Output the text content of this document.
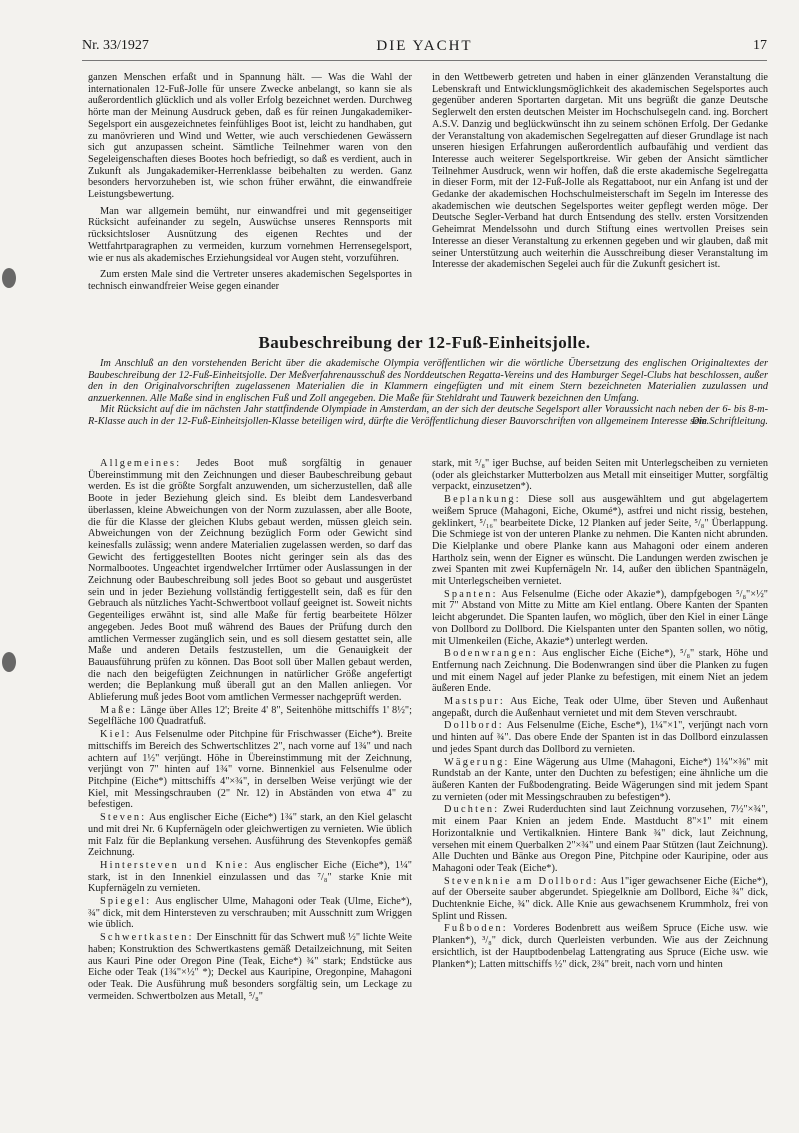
Nr. 33/1927	DIE YACHT	17

ganzen Menschen erfaßt und in Spannung hält. — Was die Wahl der internationalen 12-Fuß-Jolle für unsere Zwecke anbelangt, so kann sie als außerordentlich glücklich und als voller Erfolg bezeichnet werden. Durchweg hörte man der Meinung Ausdruck geben, daß es für reinen Jungakademiker-Segelsport ein ausgezeichnetes feinfühliges Boot ist, leicht zu handhaben, gut zu manövrieren und Wind und Wetter, wie auch verschiedenen Gewässern sich gut anzupassen scheint. Sämtliche Teilnehmer waren von den Segeleigenschaften dieses Bootes hoch befriedigt, so daß es verdient, auch in Zukunft als Jungakademiker-Herrenklasse beibehalten zu werden. Ganz besonders hervorzuheben ist, wie schon früher erwähnt, die einwandfreie Leistungsbewertung.

Man war allgemein bemüht, nur einwandfrei und mit gegenseitiger Rücksicht aufeinander zu segeln, Auswüchse unseres Rennsports mit rücksichtsloser Ausnützung des eigenen Rechtes und der Wettfahrtparagraphen zu vermeiden, kurzum vornehmen Herrensegelsport, wie er nus als akademisches Erziehungsideal vor Augen steht, vorzuführen.

Zum ersten Male sind die Vertreter unseres akademischen Segelsportes in technisch einwandfreier Weise gegen einander

in den Wettbewerb getreten und haben in einer glänzenden Veranstaltung die Lebenskraft und Entwicklungsmöglichkeit des akademischen Segelsportes auch gegenüber anderen Sportarten dargetan. Mit uns begrüßt die ganze Deutsche Seglerwelt den ersten deutschen Meister im Hochschulsegeln cand. ing. Borchert A.S.V. Danzig und beglückwünscht ihn zu seinem schönen Erfolg. Der Gedanke der Veranstaltung von akademischen Segelregatten auf dieser Grundlage ist nach unseren hiesigen Erfahrungen außerordentlich aufbaufähig und verdient das Interesse auch weiterer Segelsportkreise. Wir geben der Ansicht sämtlicher Teilnehmer Ausdruck, wenn wir hoffen, daß die erste akademische Segelregatta in dieser Form, mit der 12-Fuß-Jolle als Regattaboot, nur ein Anfang ist und der Gedanke der akademischen Hochschulmeisterschaft im Segeln im Interesse des akademischen wie deutschen Segelsportes weiter gepflegt werden möge. Der Deutsche Segler-Verband hat durch Entsendung des stellv. ersten Vorsitzenden Geheimrat Mendelssohn und durch Stiftung eines wertvollen Preises sein Interesse an dieser Veranstaltung zu erkennen gegeben und wir glauben, daß mit seiner Unterstützung auch weiterhin die Ausschreibung dieser Veranstaltung im Interesse der akademischen Segelei auch für die Zukunft gesichert ist.

Baubeschreibung der 12-Fuß-Einheitsjolle.

Im Anschluß an den vorstehenden Bericht über die akademische Olympia veröffentlichen wir die wörtliche Übersetzung des englischen Originaltextes der Baubeschreibung der 12-Fuß-Einheitsjolle. Der Meßverfahrenausschuß des Norddeutschen Regatta-Vereins und des Hamburger Segel-Clubs hat beschlossen, außer den in den Originalvorschriften zugelassenen Materialien die in Klammern eingefügten und mit einem Stern bezeichneten Materialien zuzulassen und anzuerkennen. Alle Maße sind in englischen Fuß und Zoll angegeben. Die Maße für Stehldraht und Tauwerk bezeichnen den Umfang.

Mit Rücksicht auf die im nächsten Jahr stattfindende Olympiade in Amsterdam, an der sich der deutsche Segelsport aller Voraussicht nach neben der 6- bis 8-m-R-Klasse auch in der 12-Fuß-Einheitsjollen-Klasse beteiligen wird, dürfte die Veröffentlichung dieser Bauvorschriften von allgemeinem Interesse sein.

Die Schriftleitung.

Allgemeines: Jedes Boot muß sorgfältig in genauer Übereinstimmung mit den Zeichnungen und dieser Baubeschreibung gebaut werden. Es ist die größte Sorgfalt anzuwenden, um sicherzustellen, daß alle Boote in jeder Beziehung gleich sind. Es bleibt dem Landesverband überlassen, kleine Abweichungen von der Norm zuzulassen, aber alle Boote, die für die Klasse der gleichen Klubs gebaut werden, müssen gleich sein. Abweichungen von der Zeichnung bezüglich Form oder Gewicht sind keinesfalls zulässig; wenn andere Materialien zugelassen werden, so darf das Gewicht des fertiggestellten Bootes nicht geringer sein als das des Normalbootes. Ungeachtet irgendwelcher Irrtümer oder Auslassungen in der Zeichnung oder Baubeschreibung soll jedes Boot so gebaut und ausgerüstet sein und in jeder Beziehung vollständig fertiggestellt sein, daß es für den Gebrauch als nützliches Yacht-Schwertboot vollauf geeignet ist. Soweit nichts Gegenteiliges erwähnt ist, sind alle Maße für fertig bearbeitete Hölzer angegeben. Jedes Boot muß während des Baues der Prüfung durch den amtlichen Vermesser zugänglich sein, und es soll diesem gestattet sein, alle Maße und anderen Details festzustellen, um die Genauigkeit der Bauausführung prüfen zu können. Das Boot soll über Mallen gebaut werden, die nach den beigefügten Zeichnungen in natürlicher Größe angefertigt werden; die Beplankung muß überall gut an den Mallen anliegen. Vor Ablieferung muß jedes Boot vom amtlichen Vermesser nachgeprüft werden.

Maße: Länge über Alles 12'; Breite 4' 8", Seitenhöhe mittschiffs 1' 8½"; Segelfläche 100 Quadratfuß.

Kiel: Aus Felsenulme oder Pitchpine für Frischwasser (Eiche*). Breite mittschiffs im Bereich des Schwertschlitzes 2", nach vorne auf 1¾" und nach achtern auf 1½" verjüngt. Höhe in Übereinstimmung mit der Zeichnung, verjüngt von 7" hinten auf 1¾" vorne. Binnenkiel aus Felsenulme oder Pitchpine (Eiche*) mittschiffs 4"×¾", in derselben Weise verjüngt wie der Kiel, mit Messingschrauben (2" Nr. 12) in Abständen von etwa 4" zu befestigen.

Steven: Aus englischer Eiche (Eiche*) 1¾" stark, an den Kiel gelascht und mit drei Nr. 6 Kupfernägeln oder gleichwertigen zu vernieten. Wie üblich mit Falz für die Beplankung versehen. Ausführung des Stevenkopfes gemäß Zeichnung.

Hintersteven und Knie: Aus englischer Eiche (Eiche*), 1¼" stark, ist in den Innenkiel einzulassen und das ⁷/₈" starke Knie mit Kupfernägeln zu vernieten.

Spiegel: Aus englischer Ulme, Mahagoni oder Teak (Ulme, Eiche*), ¾" dick, mit dem Hintersteven zu verschrauben; mit Ausschnitt zum Wriggen wie üblich.

Schwertkasten: Der Einschnitt für das Schwert muß ½" lichte Weite haben; Konstruktion des Schwertkastens gemäß Detailzeichnung, mit Seiten aus Kauri Pine oder Oregon Pine (Teak, Eiche*) ¾" stark; Endstücke aus Eiche oder Teak (1¾"×½" *); Deckel aus Kauripine, Oregonpine, Mahagoni oder Teak. Die Ausführung muß besonders sorgfältig sein, um Leckage zu vermeiden. Schwertbolzen aus Metall, ⁵/₈"

stark, mit ⁵/₈" iger Buchse, auf beiden Seiten mit Unterlegscheiben zu vernieten (oder als gleichstarker Mutterbolzen aus Metall mit einseitiger Mutter, sorgfältig verpackt, einzusetzen*).

Beplankung: Diese soll aus ausgewähltem und gut abgelagertem weißem Spruce (Mahagoni, Eiche, Okumé*), astfrei und nicht rissig, bestehen, geklinkert, ⁵/₁₆" bearbeitete Dicke, 12 Planken auf jeder Seite, ⁵/₈" Überlappung. Die Schmiege ist von der unteren Planke zu nehmen. Die Kanten nicht abrunden. Die Kielplanke und obere Planke kann aus Mahagoni oder einem anderen Hartholz sein, wenn der Eigner es wünscht. Die Landungen werden zwischen je zwei Spanten mit zwei Kupfernägeln Nr. 14, außer den üblichen Spantnägeln, mit Unterlegscheiben vernietet.

Spanten: Aus Felsenulme (Eiche oder Akazie*), dampfgebogen ⁵/₈"×½" mit 7" Abstand von Mitte zu Mitte am Kiel entlang. Obere Kanten der Spanten leicht abgerundet. Die Spanten laufen, wo möglich, über den Kiel in einer Länge von Dollbord zu Dollbord. Die Kielspanten unter den Spanten sollen, wo nötig, mit Ulmenkeilen (Eiche, Akazie*) unterlegt werden.

Bodenwrangen: Aus englischer Eiche (Eiche*), ⁵/₈" stark, Höhe und Entfernung nach Zeichnung. Die Bodenwrangen sind über die Planken zu fugen und mit einem Nagel auf jeder Planke zu befestigen, mit einem Niet an jedem äußeren Ende.

Mastspur: Aus Eiche, Teak oder Ulme, über Steven und Außenhaut angepaßt, durch die Außenhaut vernietet und mit dem Steven verschraubt.

Dollbord: Aus Felsenulme (Eiche, Esche*), 1¼"×1", verjüngt nach vorn und hinten auf ¾". Das obere Ende der Spanten ist in das Dollbord einzulassen und jedes Spant durch das Dollbord zu vernieten.

Wägerung: Eine Wägerung aus Ulme (Mahagoni, Eiche*) 1¼"×⅜" mit Rundstab an der Kante, unter den Duchten zu befestigen; eine ähnliche um die äußeren Kanten der Fußbodengrating. Beide Wägerungen sind mit jedem Spant zu vernieten (oder mit Messingschrauben zu befestigen*).

Duchten: Zwei Ruderduchten sind laut Zeichnung vorzusehen, 7½"×¾", mit einem Paar Knien an jedem Ende. Mastducht 8"×1" mit einem Horizontalknie und Vertikalknien. Hintere Bank ¾" dick, laut Zeichnung, versehen mit einem Querbalken 2"×¾" und einem Paar Stützen (laut Zeichnung). Alle Duchten und Bänke aus Oregon Pine, Pitchpine oder Kauripine, oder aus Mahagoni oder Teak (Eiche*).

Stevenknie am Dollbord: Aus 1"iger gewachsener Eiche (Eiche*), auf der Oberseite sauber abgerundet. Spiegelknie am Dollbord, Eiche ¾" dick, Duchtenknie Eiche, ¾" dick. Alle Knie aus gewachsenem Krummholz, frei von Splint und Rissen.

Fußboden: Vorderes Bodenbrett aus weißem Spruce (Eiche usw. wie Planken*), ³/₈" dick, durch Querleisten verbunden. Wie aus der Zeichnung ersichtlich, ist der Hauptbodenbelag Lattengrating aus Spruce (Eiche usw. wie Planken*); Latten mittschiffs ½" dick, 2¾" breit, nach vorn und hinten
